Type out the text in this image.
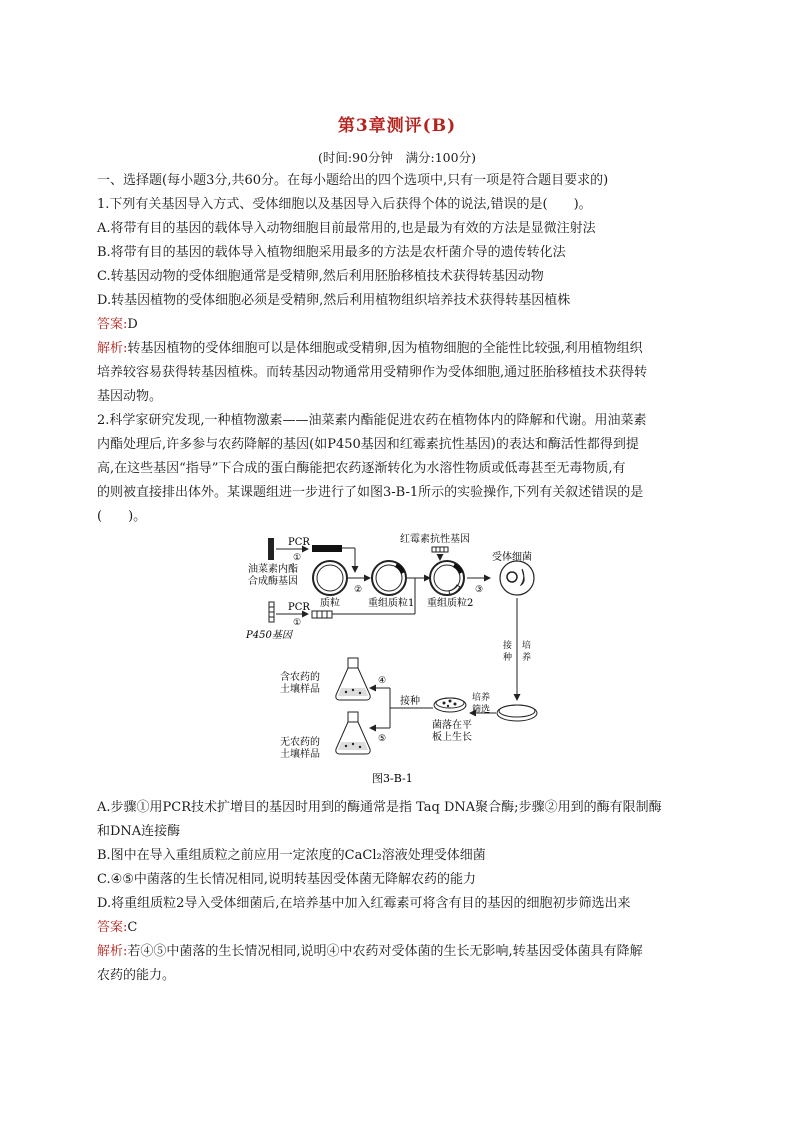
第3章测评(B)
(时间:90分钟　满分:100分)
一、选择题(每小题3分,共60分。在每小题给出的四个选项中,只有一项是符合题目要求的)
1.下列有关基因导入方式、受体细胞以及基因导入后获得个体的说法,错误的是(　　)。
A.将带有目的基因的载体导入动物细胞目前最常用的,也是最为有效的方法是显微注射法
B.将带有目的基因的载体导入植物细胞采用最多的方法是农杆菌介导的遗传转化法
C.转基因动物的受体细胞通常是受精卵,然后利用胚胎移植技术获得转基因动物
D.转基因植物的受体细胞必须是受精卵,然后利用植物组织培养技术获得转基因植株
答案:D
解析:转基因植物的受体细胞可以是体细胞或受精卵,因为植物细胞的全能性比较强,利用植物组织
培养较容易获得转基因植株。而转基因动物通常用受精卵作为受体细胞,通过胚胎移植技术获得转
基因动物。
2.科学家研究发现,一种植物激素——油菜素内酯能促进农药在植物体内的降解和代谢。用油菜素
内酯处理后,许多参与农药降解的基因(如P450基因和红霉素抗性基因)的表达和酶活性都得到提
高,在这些基因“指导”下合成的蛋白酶能把农药逐渐转化为水溶性物质或低毒甚至无毒物质,有
的则被直接排出体外。某课题组进一步进行了如图3-B-1所示的实验操作,下列有关叙述错误的是
(　　)。
PCR
①
油菜素内酯
合成酶基因
PCR
①
P450基因
质粒
②
重组质粒1
红霉素抗性基因
重组质粒2
③
受体细菌
接
种
培
养
培养
筛选
菌落在平
板上生长
接种
④
⑤
含农药的
土壤样品
无农药的
土壤样品
图3-B-1
A.步骤①用PCR技术扩增目的基因时用到的酶通常是指 Taq DNA聚合酶;步骤②用到的酶有限制酶
和DNA连接酶
B.图中在导入重组质粒之前应用一定浓度的CaCl₂溶液处理受体细菌
C.④⑤中菌落的生长情况相同,说明转基因受体菌无降解农药的能力
D.将重组质粒2导入受体细菌后,在培养基中加入红霉素可将含有目的基因的细胞初步筛选出来
答案:C
解析:若④⑤中菌落的生长情况相同,说明④中农药对受体菌的生长无影响,转基因受体菌具有降解
农药的能力。
